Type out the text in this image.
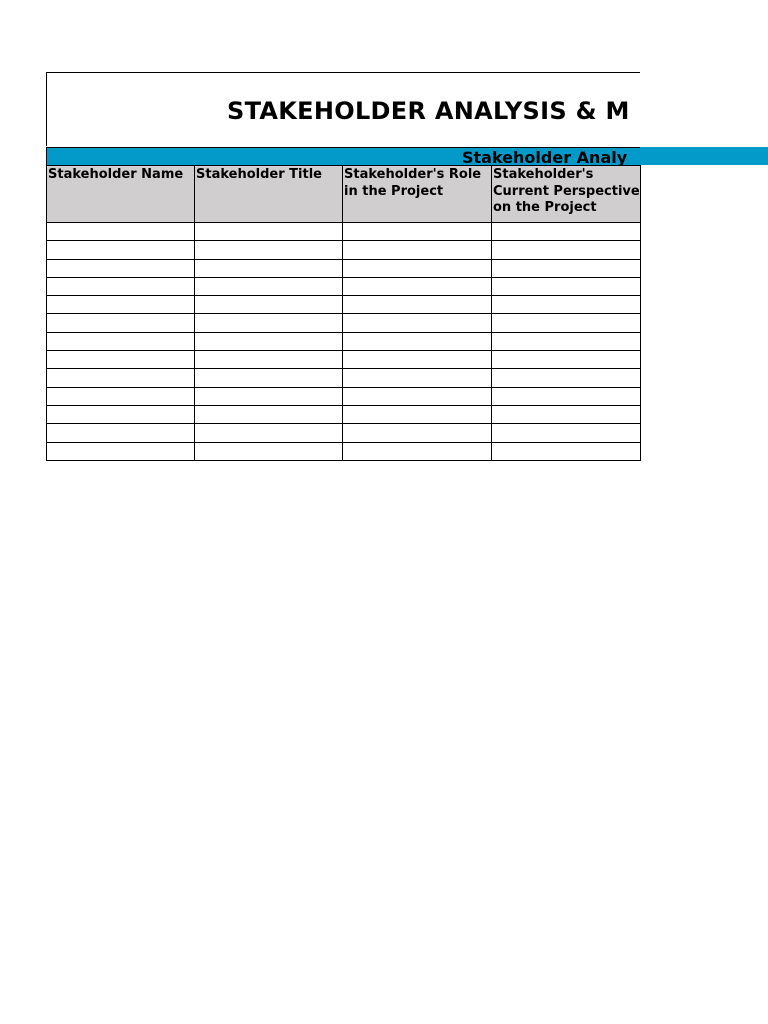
STAKEHOLDER ANALYSIS & M
Stakeholder Analy
Stakeholder Name	Stakeholder Title	Stakeholder's Role in the Project	Stakeholder's Current Perspective on the Project
